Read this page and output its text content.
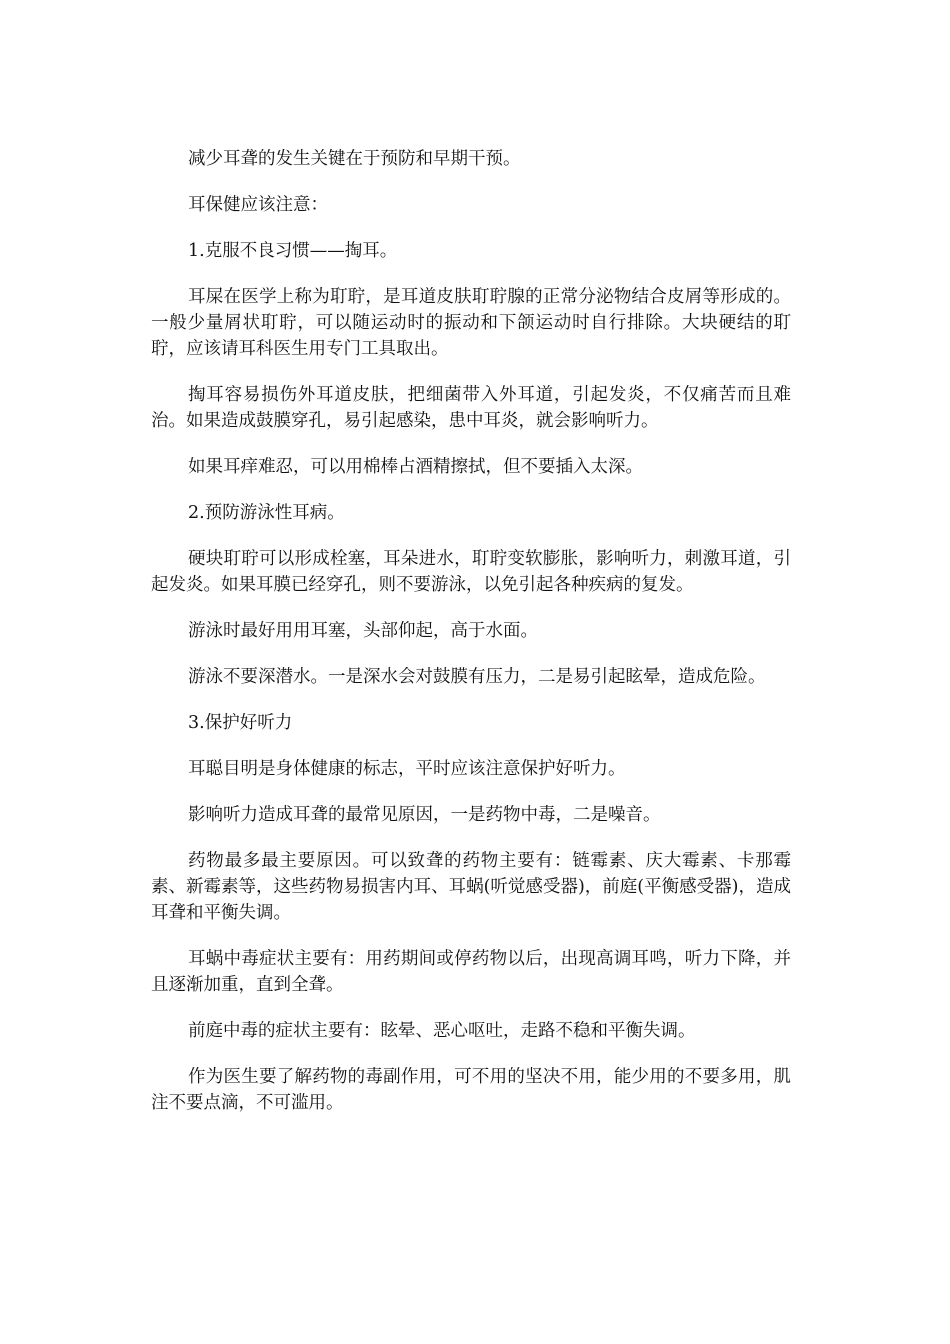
减少耳聋的发生关键在于预防和早期干预。

耳保健应该注意：

1.克服不良习惯——掏耳。

耳屎在医学上称为耵聍，是耳道皮肤耵聍腺的正常分泌物结合皮屑等形成的。一般少量屑状耵聍，可以随运动时的振动和下颌运动时自行排除。大块硬结的耵聍，应该请耳科医生用专门工具取出。

掏耳容易损伤外耳道皮肤，把细菌带入外耳道，引起发炎，不仅痛苦而且难治。如果造成鼓膜穿孔，易引起感染，患中耳炎，就会影响听力。

如果耳痒难忍，可以用棉棒占酒精擦拭，但不要插入太深。

2.预防游泳性耳病。

硬块耵聍可以形成栓塞，耳朵进水，耵聍变软膨胀，影响听力，刺激耳道，引起发炎。如果耳膜已经穿孔，则不要游泳，以免引起各种疾病的复发。

游泳时最好用用耳塞，头部仰起，高于水面。

游泳不要深潜水。一是深水会对鼓膜有压力，二是易引起眩晕，造成危险。

3.保护好听力

耳聪目明是身体健康的标志，平时应该注意保护好听力。

影响听力造成耳聋的最常见原因，一是药物中毒，二是噪音。

药物最多最主要原因。可以致聋的药物主要有：链霉素、庆大霉素、卡那霉素、新霉素等，这些药物易损害内耳、耳蜗(听觉感受器)，前庭(平衡感受器)，造成耳聋和平衡失调。

耳蜗中毒症状主要有：用药期间或停药物以后，出现高调耳鸣，听力下降，并且逐渐加重，直到全聋。

前庭中毒的症状主要有：眩晕、恶心呕吐，走路不稳和平衡失调。

作为医生要了解药物的毒副作用，可不用的坚决不用，能少用的不要多用，肌注不要点滴，不可滥用。
